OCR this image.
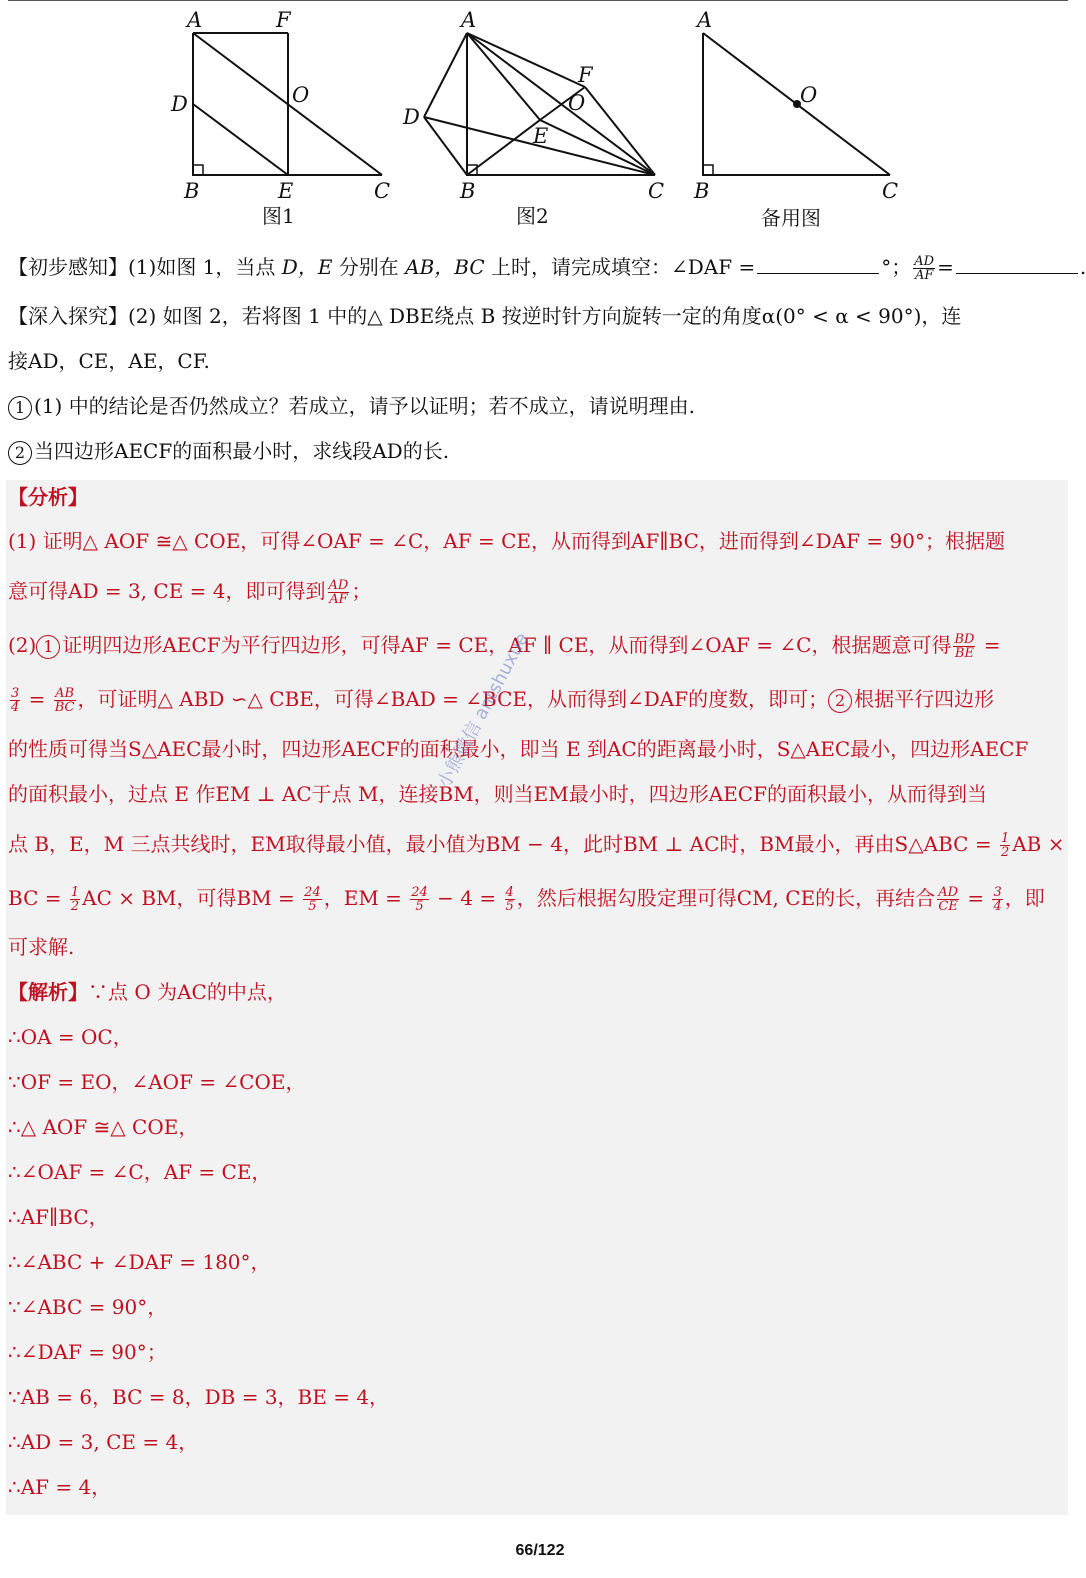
A	F
D	O
B	E	C
图1
A
F
O
D
E
B	C
图2
A
O
B	C
备用图
【初步感知】(1)如图 1，当点 D，E 分别在 AB，BC 上时，请完成填空：∠DAF =	°； $\frac{AD}{AF}$ =	.
【深入探究】(2) 如图 2，若将图 1 中的△ DBE绕点 B 按逆时针方向旋转一定的角度α(0° < α < 90°)，连
接AD，CE，AE，CF.
1 (1) 中的结论是否仍然成立？若成立，请予以证明；若不成立，请说明理由.
2 当四边形AECF的面积最小时，求线段AD的长.
【分析】
(1) 证明△ AOF ≅△ COE，可得∠OAF = ∠C，AF = CE，从而得到AF∥BC，进而得到∠DAF = 90°；根据题
意可得AD = 3, CE = 4，即可得到 $\frac{AD}{AF}$ ；
(2) 1 证明四边形AECF为平行四边形，可得AF = CE，AF ∥ CE，从而得到∠OAF = ∠C，根据题意可得 $\frac{BD}{BE}$ =
$\frac{3}{4} = \frac{AB}{BC}$ ，可证明△ ABD ∽△ CBE，可得∠BAD = ∠BCE，从而得到∠DAF的度数，即可； 2 根据平行四边形
的性质可得当S△AEC最小时，四边形AECF的面积最小，即当 E 到AC的距离最小时，S△AEC最小，四边形AECF
的面积最小，过点 E 作EM ⊥ AC于点 M，连接BM，则当EM最小时，四边形AECF的面积最小，从而得到当
点 B，E，M 三点共线时，EM取得最小值，最小值为BM − 4，此时BM ⊥ AC时，BM最小，再由S△ABC = $\frac{1}{2}$ AB ×
BC = $\frac{1}{2}$ AC × BM，可得BM = $\frac{24}{5}$ ，EM = $\frac{24}{5} - 4 = \frac{4}{5}$ ，然后根据勾股定理可得CM, CE的长，再结合 $\frac{AD}{CE} = \frac{3}{4}$ ，即
可求解.
【解析】∵点 O 为AC的中点，
∴OA = OC，
∵OF = EO，∠AOF = ∠COE，
∴△ AOF ≅△ COE，
∴∠OAF = ∠C，AF = CE，
∴AF∥BC，
∴∠ABC + ∠DAF = 180°，
∵∠ABC = 90°，
∴∠DAF = 90°；
∵AB = 6，BC = 8，DB = 3，BE = 4，
∴AD = 3, CE = 4，
∴AF = 4，
小熊微信 antshuxue
66/122
